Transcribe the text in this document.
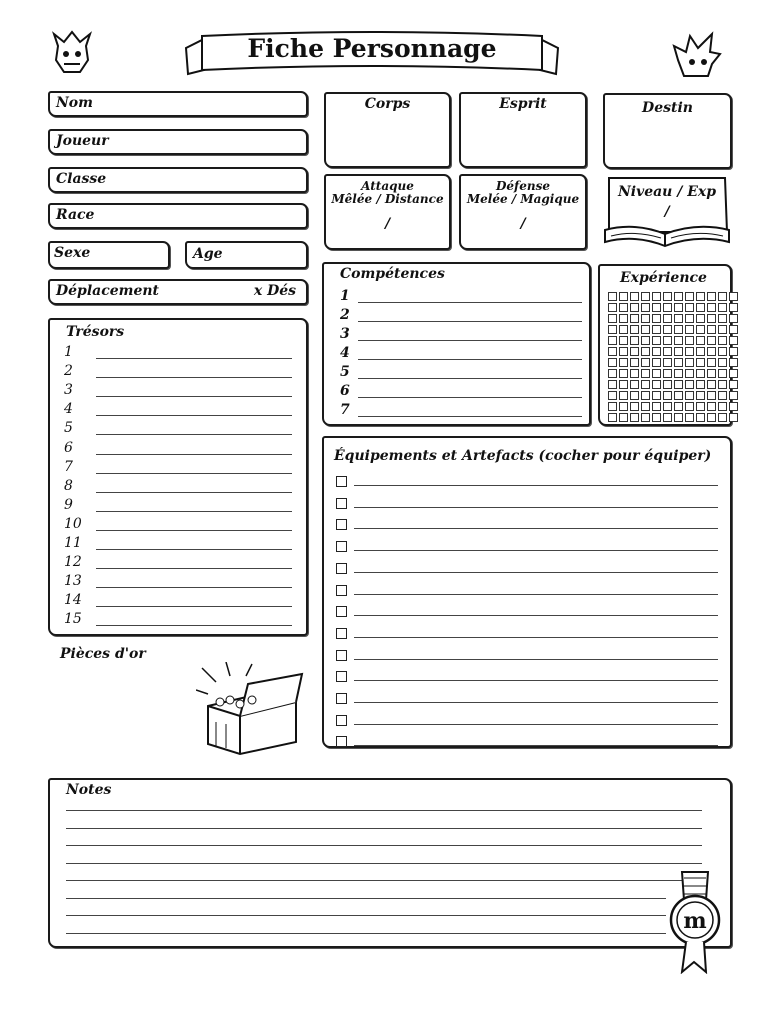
Fiche Personnage
Nom
Joueur
Classe
Race
Sexe	Age
Déplacement	x Dés
Corps	Esprit	Destin
Attaque
Mêlée / Distance
/
Défense
Melée / Magique
/
Niveau / Exp
/
Compétences
1
2
3
4
5
6
7
Expérience
Trésors
1
2
3
4
5
6
7
8
9
10
11
12
13
14
15
Pièces d'or
Équipements et Artefacts (cocher pour équiper)
Notes
m
